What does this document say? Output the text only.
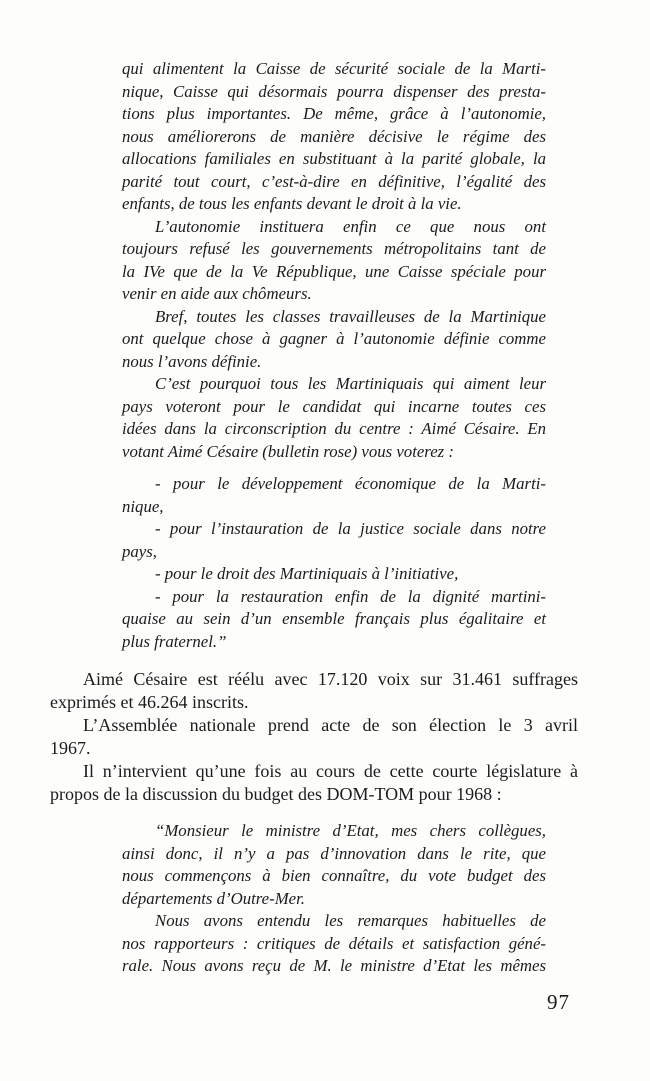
qui alimentent la Caisse de sécurité sociale de la Marti-
nique, Caisse qui désormais pourra dispenser des presta-
tions plus importantes. De même, grâce à l’autonomie,
nous améliorerons de manière décisive le régime des
allocations familiales en substituant à la parité globale, la
parité tout court, c’est-à-dire en définitive, l’égalité des
enfants, de tous les enfants devant le droit à la vie.
L’autonomie instituera enfin ce que nous ont
toujours refusé les gouvernements métropolitains tant de
la IVe que de la Ve République, une Caisse spéciale pour
venir en aide aux chômeurs.
Bref, toutes les classes travailleuses de la Martinique
ont quelque chose à gagner à l’autonomie définie comme
nous l’avons définie.
C’est pourquoi tous les Martiniquais qui aiment leur
pays voteront pour le candidat qui incarne toutes ces
idées dans la circonscription du centre : Aimé Césaire. En
votant Aimé Césaire (bulletin rose) vous voterez :
- pour le développement économique de la Marti-
nique,
- pour l’instauration de la justice sociale dans notre
pays,
- pour le droit des Martiniquais à l’initiative,
- pour la restauration enfin de la dignité martini-
quaise au sein d’un ensemble français plus égalitaire et
plus fraternel.”
Aimé Césaire est réélu avec 17.120 voix sur 31.461 suffrages
exprimés et 46.264 inscrits.
L’Assemblée nationale prend acte de son élection le 3 avril
1967.
Il n’intervient qu’une fois au cours de cette courte législature à
propos de la discussion du budget des DOM-TOM pour 1968 :
“Monsieur le ministre d’Etat, mes chers collègues,
ainsi donc, il n’y a pas d’innovation dans le rite, que
nous commençons à bien connaître, du vote budget des
départements d’Outre-Mer.
Nous avons entendu les remarques habituelles de
nos rapporteurs : critiques de détails et satisfaction géné-
rale. Nous avons reçu de M. le ministre d’Etat les mêmes
97
